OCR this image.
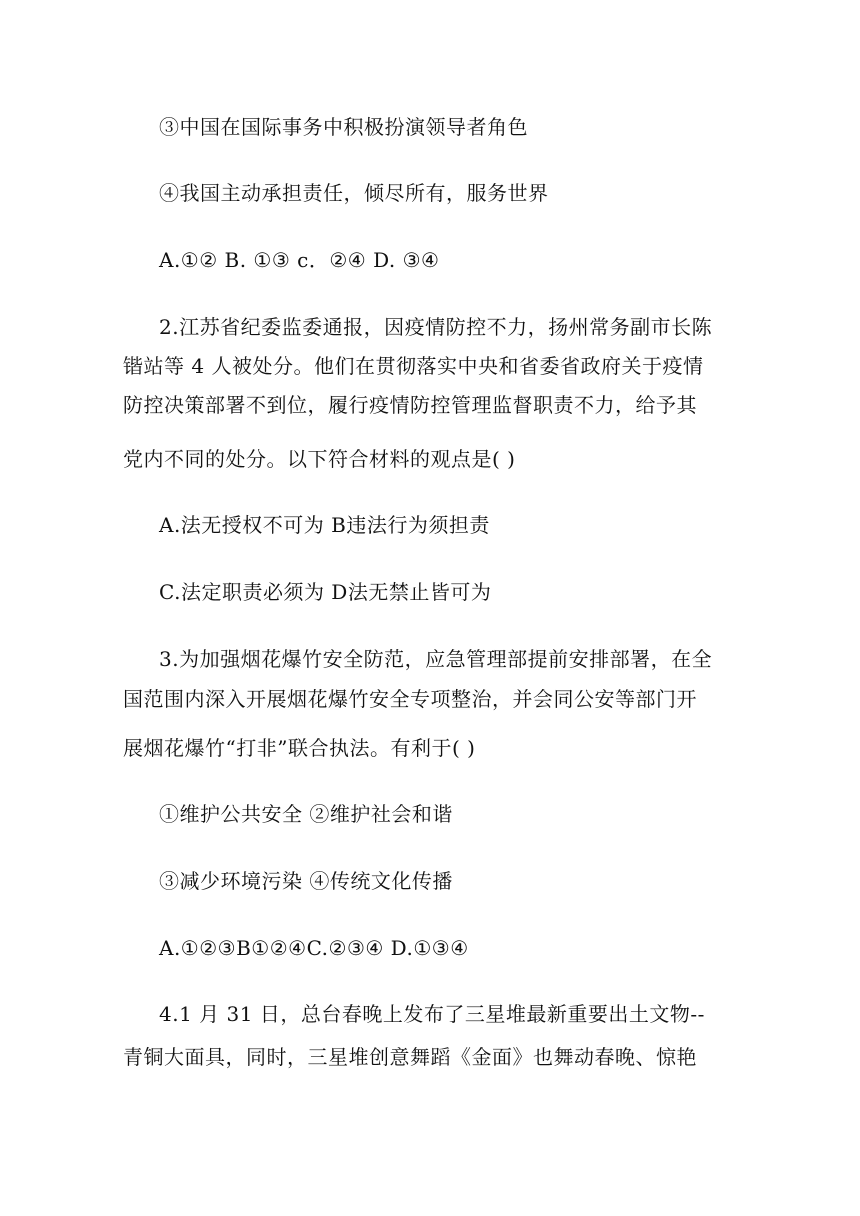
③中国在国际事务中积极扮演领导者角色
④我国主动承担责任，倾尽所有，服务世界
A.①② B. ①③ c．②④ D. ③④
2.江苏省纪委监委通报，因疫情防控不力，扬州常务副市长陈
锴站等 4 人被处分。他们在贯彻落实中央和省委省政府关于疫情
防控决策部署不到位，履行疫情防控管理监督职责不力，给予其
党内不同的处分。以下符合材料的观点是( )
A.法无授权不可为 B违法行为须担责
C.法定职责必须为 D法无禁止皆可为
3.为加强烟花爆竹安全防范，应急管理部提前安排部署，在全
国范围内深入开展烟花爆竹安全专项整治，并会同公安等部门开
展烟花爆竹“打非”联合执法。有利于( )
①维护公共安全 ②维护社会和谐
③减少环境污染 ④传统文化传播
A.①②③B①②④C.②③④ D.①③④
4.1 月 31 日，总台春晚上发布了三星堆最新重要出土文物--
青铜大面具，同时，三星堆创意舞蹈《金面》也舞动春晚、惊艳
